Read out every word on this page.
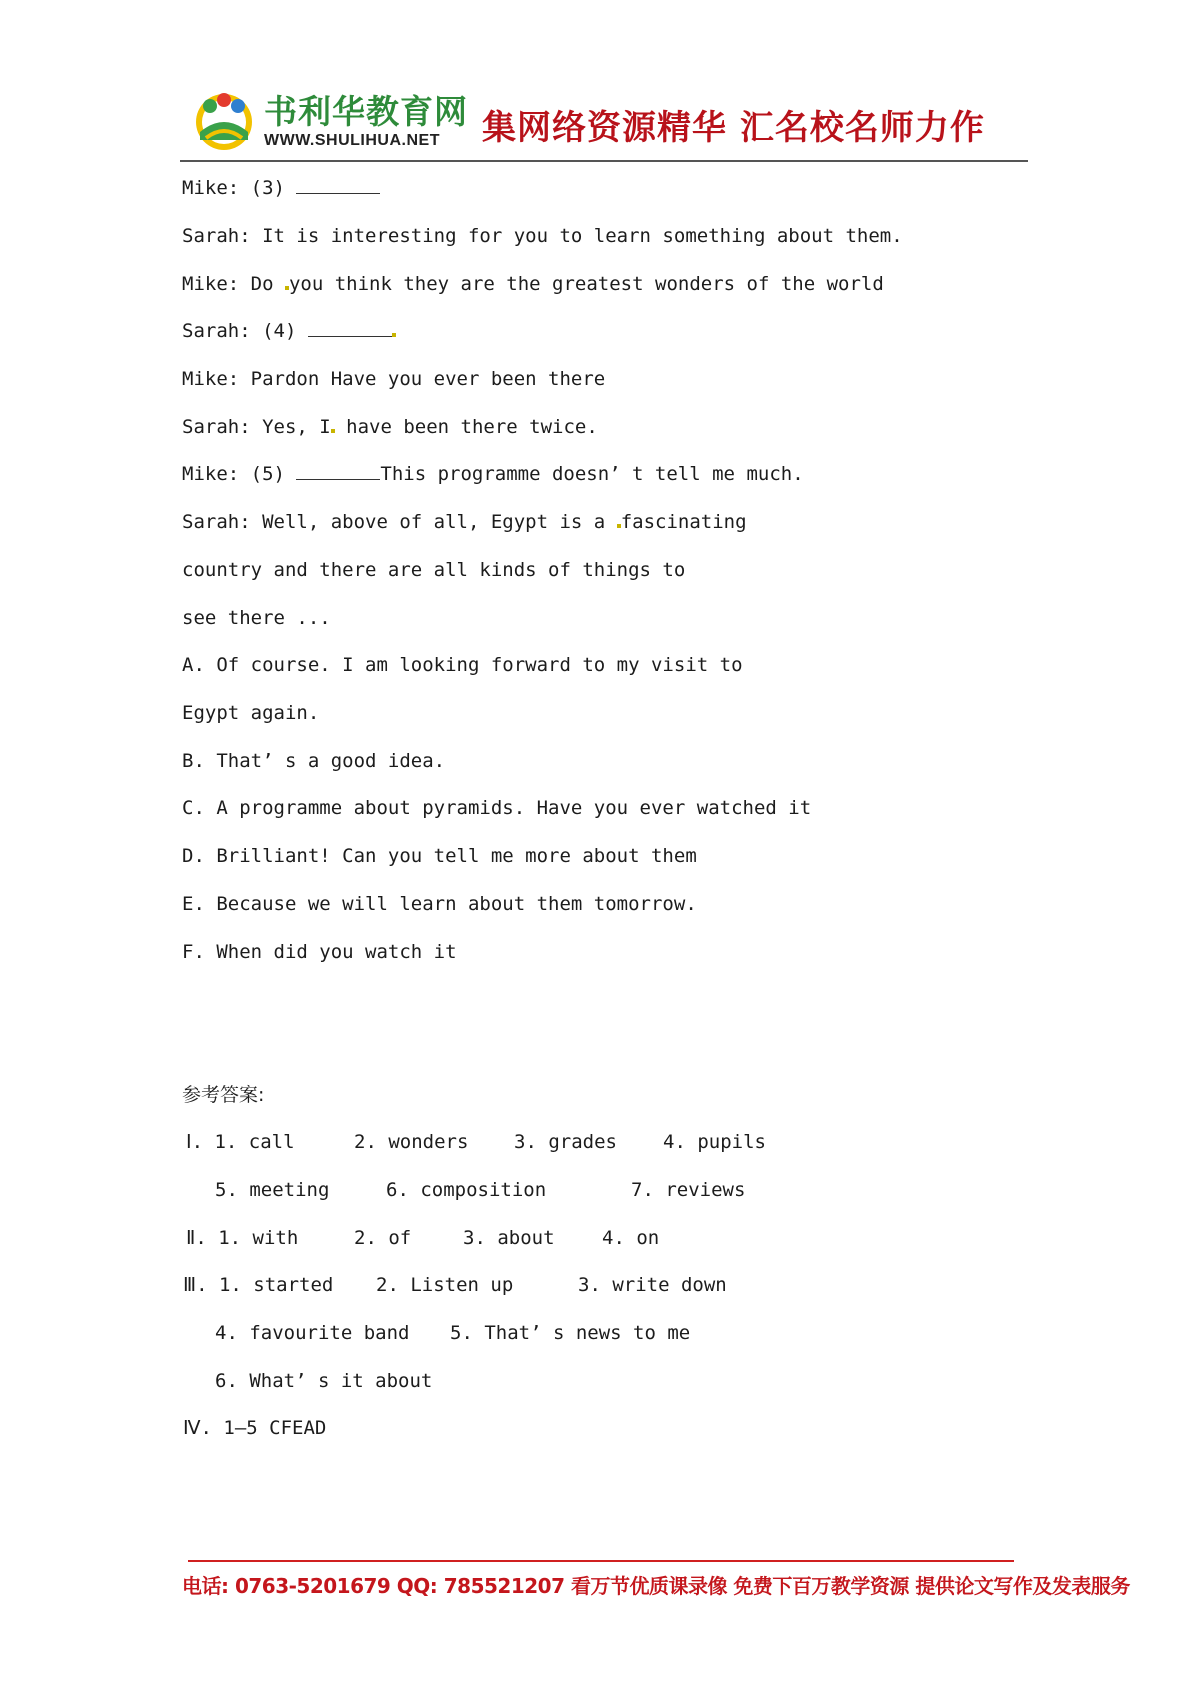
书利华教育网
WWW.SHULIHUA.NET 集网络资源精华 汇名校名师力作
Mike: (3)
Sarah: It is interesting for you to learn something about them.
Mike: Do you think they are the greatest wonders of the world
Sarah: (4)
Mike: Pardon Have you ever been there
Sarah: Yes, I have been there twice.
Mike: (5)	This programme doesn’ t tell me much.
Sarah: Well, above of all, Egypt is a fascinating
country and there are all kinds of things to
see there ...
A. Of course. I am looking forward to my visit to
Egypt again.
B. That’ s a good idea.
C. A programme about pyramids. Have you ever watched it
D. Brilliant! Can you tell me more about them
E. Because we will learn about them tomorrow.
F. When did you watch it
参考答案:
Ⅰ. 1. call	2. wonders 3. grades 4. pupils
5. meeting	6. composition	7. reviews
Ⅱ. 1. with	2. of	3. about 4. on
Ⅲ. 1. started 2. Listen up	3. write down
4. favourite band 5. That’ s news to me
6. What’ s it about
Ⅳ. 1—5 CFEAD
电话: 0763-5201679 QQ: 785521207 看万节优质课录像 免费下百万教学资源 提供论文写作及发表服务
